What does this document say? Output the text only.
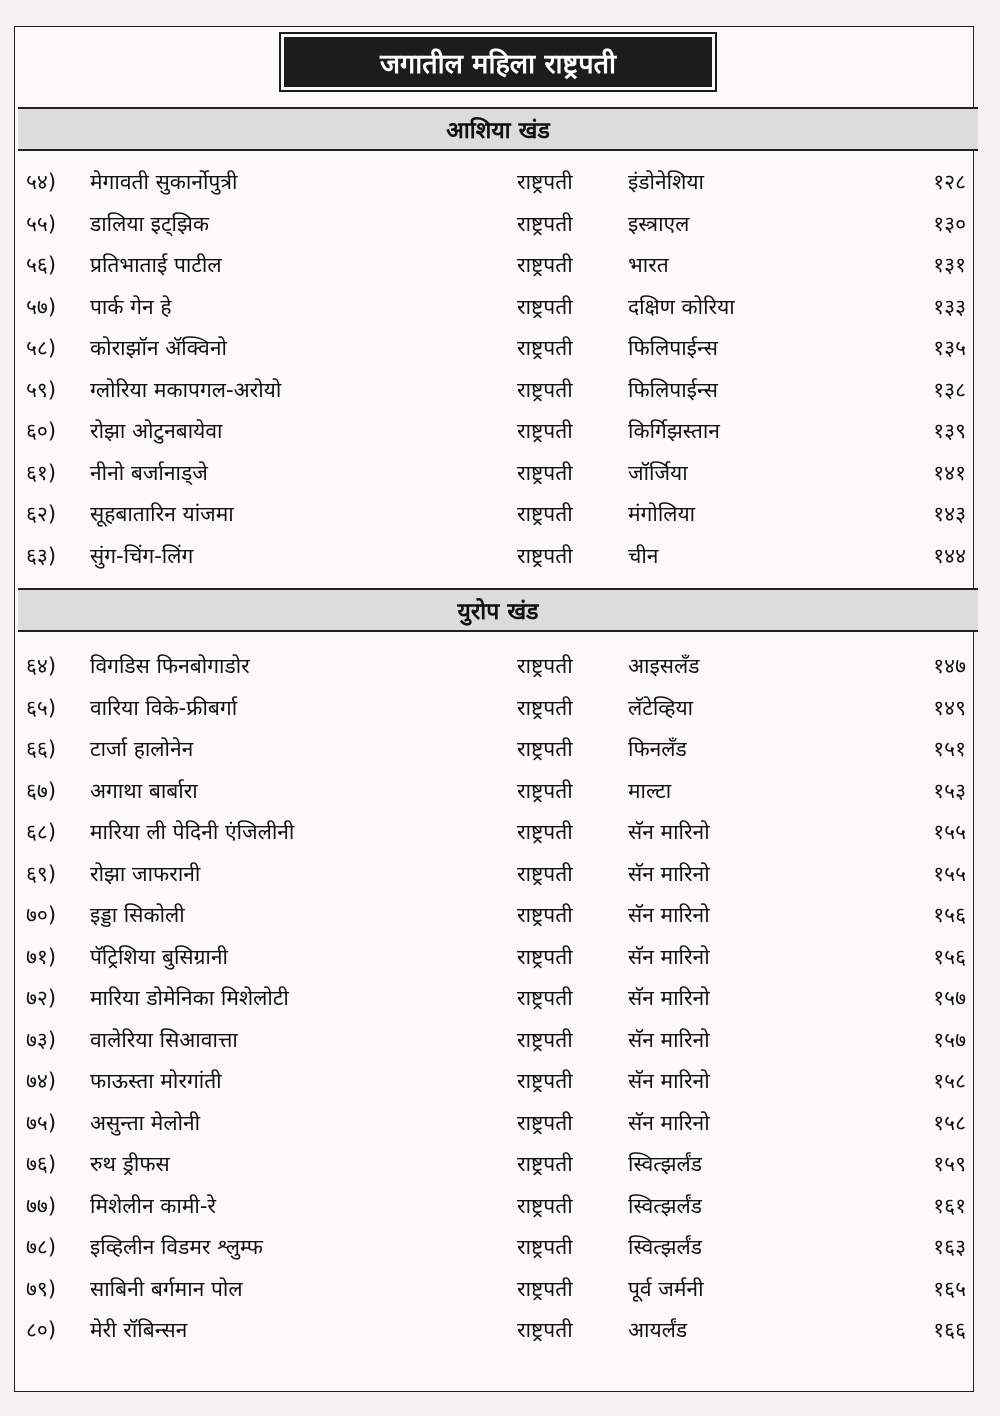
जगातील महिला राष्ट्रपती
आशिया खंड
५४) मेगावती सुकार्नोपुत्री	राष्ट्रपती	इंडोनेशिया	१२८
५५) डालिया इट्झिक	राष्ट्रपती	इस्त्राएल	१३०
५६) प्रतिभाताई पाटील	राष्ट्रपती	भारत	१३१
५७) पार्क गेन हे	राष्ट्रपती	दक्षिण कोरिया	१३३
५८) कोराझॉन ॲक्विनो	राष्ट्रपती	फिलिपाईन्स	१३५
५९) ग्लोरिया मकापगल-अरोयो	राष्ट्रपती	फिलिपाईन्स	१३८
६०) रोझा ओटुनबायेवा	राष्ट्रपती	किर्गिझस्तान	१३९
६१) नीनो बर्जानाड्जे	राष्ट्रपती	जॉर्जिया	१४१
६२) सूहबातारिन यांजमा	राष्ट्रपती	मंगोलिया	१४३
६३) सुंग-चिंग-लिंग	राष्ट्रपती	चीन	१४४
युरोप खंड
६४) विगडिस फिनबोगाडोर	राष्ट्रपती	आइसलँड	१४७
६५) वारिया विके-फ्रीबर्गा	राष्ट्रपती	लॅटेव्हिया	१४९
६६) टार्जा हालोनेन	राष्ट्रपती	फिनलँड	१५१
६७) अगाथा बार्बारा	राष्ट्रपती	माल्टा	१५३
६८) मारिया ली पेदिनी एंजिलीनी	राष्ट्रपती	सॅन मारिनो	१५५
६९) रोझा जाफरानी	राष्ट्रपती	सॅन मारिनो	१५५
७०) इड्डा सिकोली	राष्ट्रपती	सॅन मारिनो	१५६
७१) पॅट्रिशिया बुसिग्रानी	राष्ट्रपती	सॅन मारिनो	१५६
७२) मारिया डोमेनिका मिशेलोटी	राष्ट्रपती	सॅन मारिनो	१५७
७३) वालेरिया सिआवात्ता	राष्ट्रपती	सॅन मारिनो	१५७
७४) फाऊस्ता मोरगांती	राष्ट्रपती	सॅन मारिनो	१५८
७५) असुन्ता मेलोनी	राष्ट्रपती	सॅन मारिनो	१५८
७६) रुथ ड्रीफस	राष्ट्रपती	स्वित्झर्लंड	१५९
७७) मिशेलीन कामी-रे	राष्ट्रपती	स्वित्झर्लंड	१६१
७८) इव्हिलीन विडमर श्लुम्फ	राष्ट्रपती	स्वित्झर्लंड	१६३
७९) साबिनी बर्गमान पोल	राष्ट्रपती	पूर्व जर्मनी	१६५
८०) मेरी रॉबिन्सन	राष्ट्रपती	आयर्लंड	१६६
